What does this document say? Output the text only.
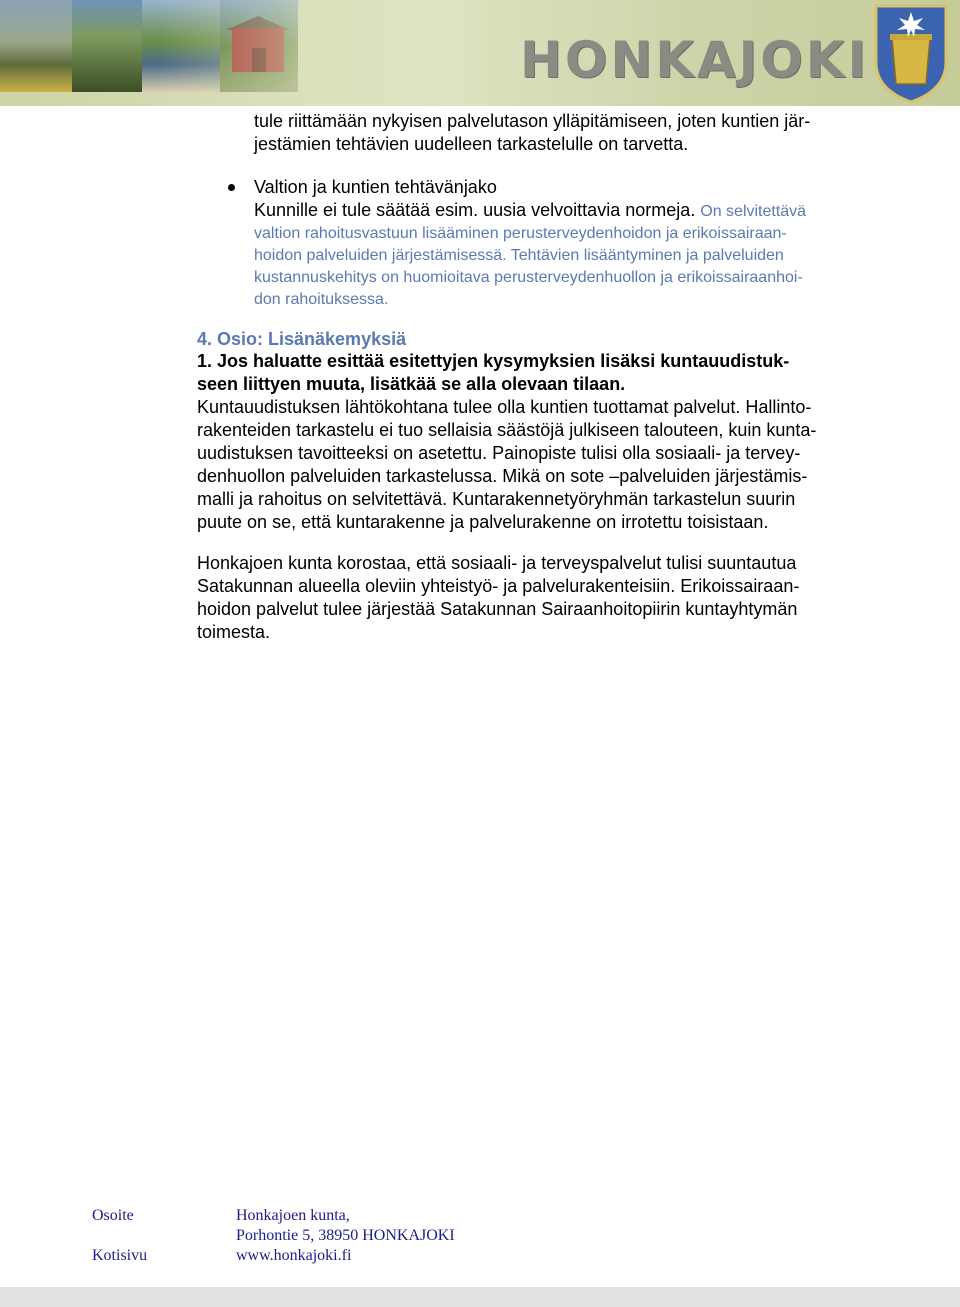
HONKAJOKI

tule riittämään nykyisen palvelutason ylläpitämiseen, joten kuntien jär-

jestämien tehtävien uudelleen tarkastelulle on tarvetta.

Valtion ja kuntien tehtävänjako

Kunnille ei tule säätää esim. uusia velvoittavia normeja. On selvitettävä

valtion rahoitusvastuun lisääminen perusterveydenhoidon ja erikoissairaan-

hoidon palveluiden järjestämisessä. Tehtävien lisääntyminen ja palveluiden

kustannuskehitys on huomioitava perusterveydenhuollon ja erikoissairaanhoi-

don rahoituksessa.

4. Osio: Lisänäkemyksiä

1. Jos haluatte esittää esitettyjen kysymyksien lisäksi kuntauudistuk-

seen liittyen muuta, lisätkää se alla olevaan tilaan.

Kuntauudistuksen lähtökohtana tulee olla kuntien tuottamat palvelut. Hallinto-

rakenteiden tarkastelu ei tuo sellaisia säästöjä julkiseen talouteen, kuin kunta-

uudistuksen tavoitteeksi on asetettu. Painopiste tulisi olla sosiaali- ja tervey-

denhuollon palveluiden tarkastelussa. Mikä on sote –palveluiden järjestämis-

malli ja rahoitus on selvitettävä. Kuntarakennetyöryhmän tarkastelun suurin

puute on se, että kuntarakenne ja palvelurakenne on irrotettu toisistaan.

Honkajoen kunta korostaa, että sosiaali- ja terveyspalvelut tulisi suuntautua

Satakunnan alueella oleviin yhteistyö- ja palvelurakenteisiin. Erikoissairaan-

hoidon palvelut tulee järjestää Satakunnan Sairaanhoitopiirin kuntayhtymän

toimesta.

Osoite	Honkajoen kunta,
Porhontie 5, 38950 HONKAJOKI
Kotisivu	www.honkajoki.fi
